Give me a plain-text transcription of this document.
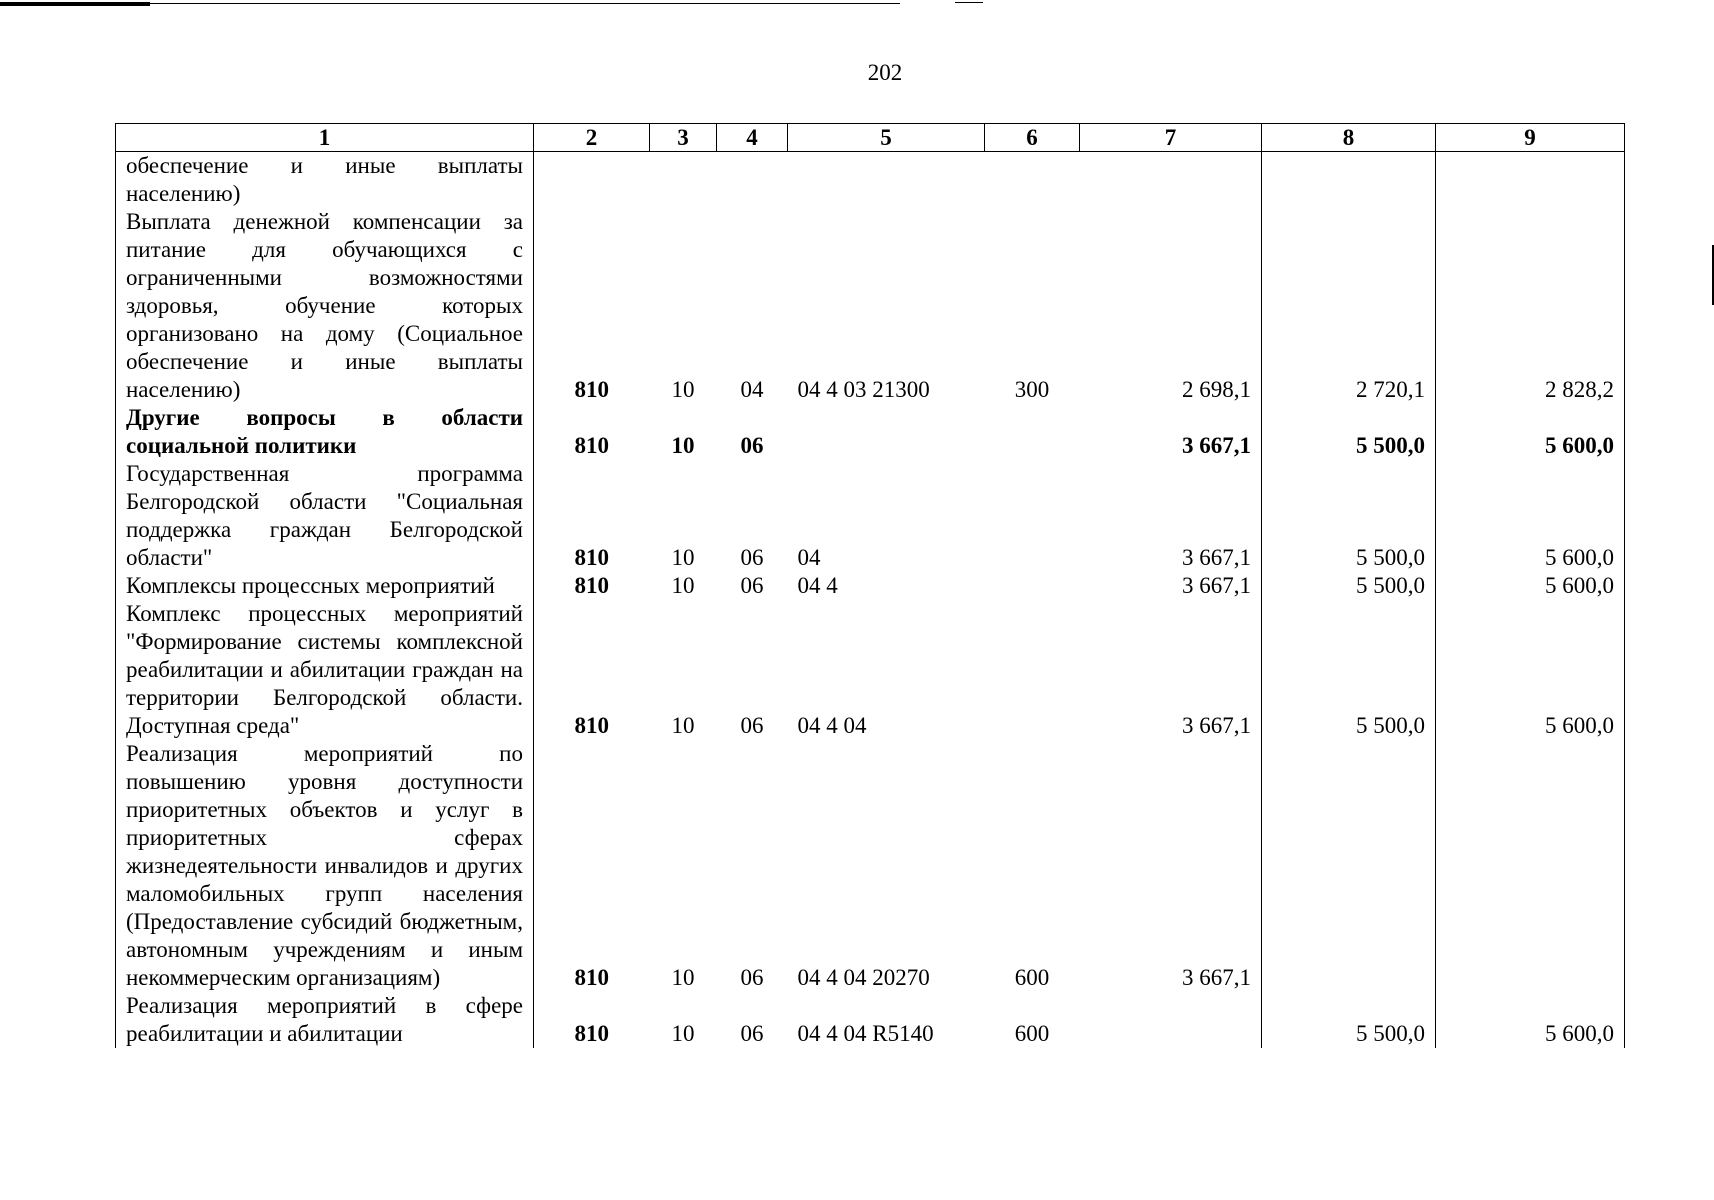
202
1	2	3	4	5	6	7	8	9
обеспечение и иные выплаты населению)								
Выплата денежной компенсации за питание для обучающихся с ограниченными возможностями здоровья, обучение которых организовано на дому (Социальное обеспечение и иные выплаты населению)	810	10	04	04 4 03 21300	300	2 698,1	2 720,1	2 828,2
Другие вопросы в области социальной политики	810	10	06			3 667,1	5 500,0	5 600,0
Государственная программа Белгородской области "Социальная поддержка граждан Белгородской области"	810	10	06	04		3 667,1	5 500,0	5 600,0
Комплексы процессных мероприятий	810	10	06	04 4		3 667,1	5 500,0	5 600,0
Комплекс процессных мероприятий "Формирование системы комплексной реабилитации и абилитации граждан на территории Белгородской области. Доступная среда"	810	10	06	04 4 04		3 667,1	5 500,0	5 600,0
Реализация мероприятий по повышению уровня доступности приоритетных объектов и услуг в приоритетных сферах жизнедеятельности инвалидов и других маломобильных групп населения (Предоставление субсидий бюджетным, автономным учреждениям и иным некоммерческим организациям)	810	10	06	04 4 04 20270	600	3 667,1		
Реализация мероприятий в сфере реабилитации и абилитации	810	10	06	04 4 04 R5140	600		5 500,0	5 600,0
